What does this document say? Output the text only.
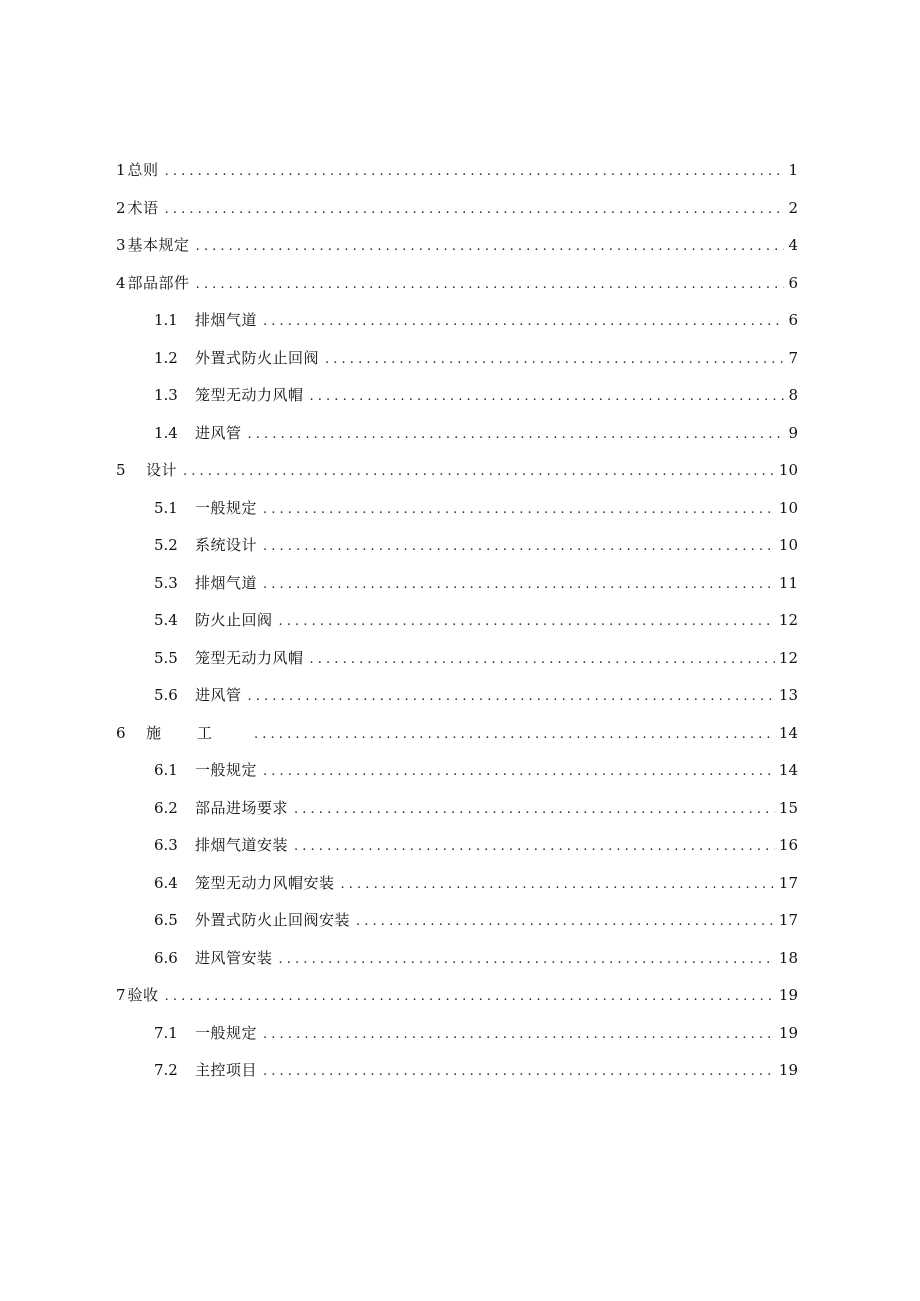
1 总则 . . .	1
2 术语 . . .	2
3 基本规定 . . .	4
4 部品部件 . . .	6
1.1	排烟气道 . . .	6
1.2	外置式防火止回阀 . . .	7
1.3	笼型无动力风帽 . . .	8
1.4	进风管 . . .	9
5	设计 . . .	10
5.1	一般规定 . . .	10
5.2	系统设计 . . .	10
5.3	排烟气道 . . .	11
5.4	防火止回阀 . . .	12
5.5	笼型无动力风帽 . . .	12
5.6	进风管 . . .	13
6	施工 . . .	14
6.1	一般规定 . . .	14
6.2	部品进场要求 . . .	15
6.3	排烟气道安装 . . .	16
6.4	笼型无动力风帽安装 . . .	17
6.5	外置式防火止回阀安装 . . .	17
6.6	进风管安装 . . .	18
7 验收 . . .	19
7.1	一般规定 . . .	19
7.2	主控项目 . . .	19
